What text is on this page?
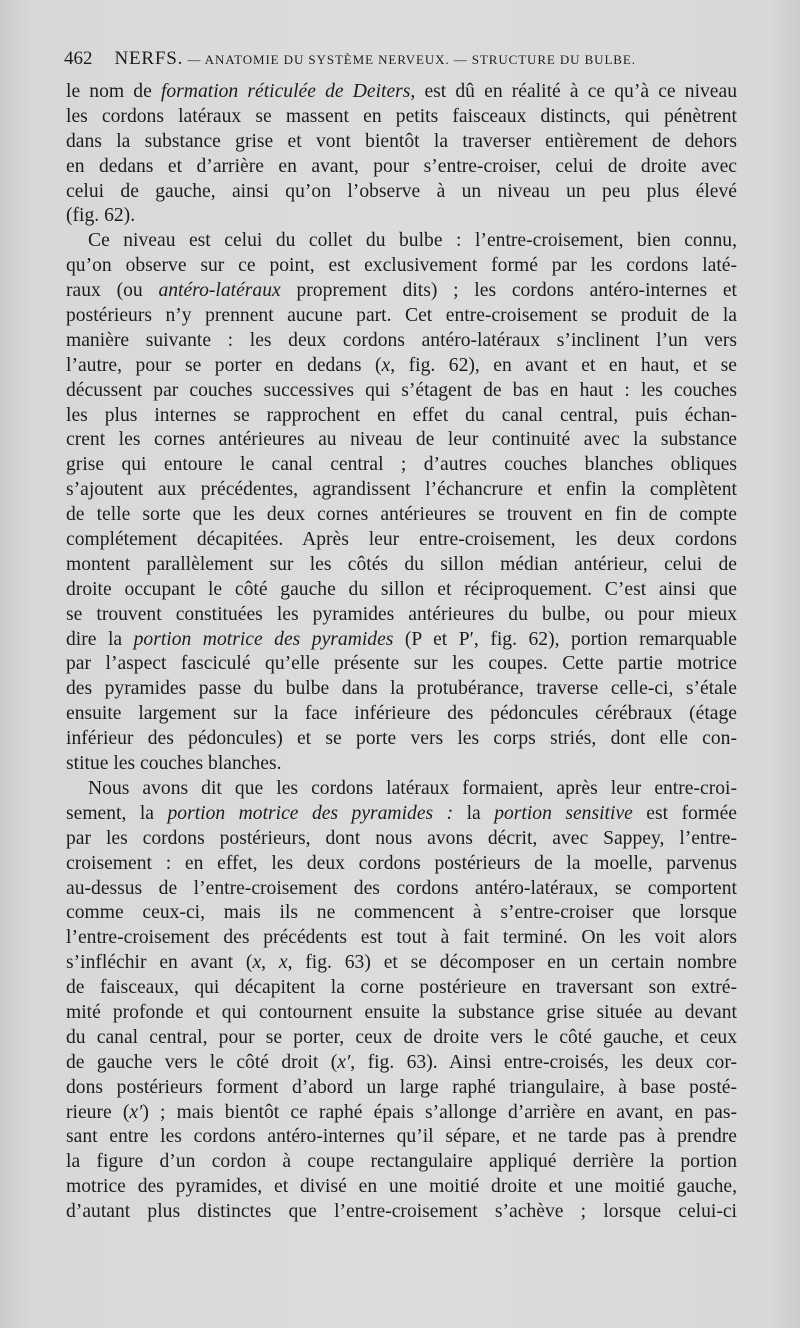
462 NERFS. — ANATOMIE DU SYSTÈME NERVEUX. — STRUCTURE DU BULBE.
le nom de formation réticulée de Deiters, est dû en réalité à ce qu’à ce niveau
les cordons latéraux se massent en petits faisceaux distincts, qui pénètrent
dans la substance grise et vont bientôt la traverser entièrement de dehors
en dedans et d’arrière en avant, pour s’entre-croiser, celui de droite avec
celui de gauche, ainsi qu’on l’observe à un niveau un peu plus élevé
(fig. 62).
Ce niveau est celui du collet du bulbe : l’entre-croisement, bien connu,
qu’on observe sur ce point, est exclusivement formé par les cordons laté-
raux (ou antéro-latéraux proprement dits) ; les cordons antéro-internes et
postérieurs n’y prennent aucune part. Cet entre-croisement se produit de la
manière suivante : les deux cordons antéro-latéraux s’inclinent l’un vers
l’autre, pour se porter en dedans (x, fig. 62), en avant et en haut, et se
décussent par couches successives qui s’étagent de bas en haut : les couches
les plus internes se rapprochent en effet du canal central, puis échan-
crent les cornes antérieures au niveau de leur continuité avec la substance
grise qui entoure le canal central ; d’autres couches blanches obliques
s’ajoutent aux précédentes, agrandissent l’échancrure et enfin la complètent
de telle sorte que les deux cornes antérieures se trouvent en fin de compte
complétement décapitées. Après leur entre-croisement, les deux cordons
montent parallèlement sur les côtés du sillon médian antérieur, celui de
droite occupant le côté gauche du sillon et réciproquement. C’est ainsi que
se trouvent constituées les pyramides antérieures du bulbe, ou pour mieux
dire la portion motrice des pyramides (P et P′, fig. 62), portion remarquable
par l’aspect fasciculé qu’elle présente sur les coupes. Cette partie motrice
des pyramides passe du bulbe dans la protubérance, traverse celle-ci, s’étale
ensuite largement sur la face inférieure des pédoncules cérébraux (étage
inférieur des pédoncules) et se porte vers les corps striés, dont elle con-
stitue les couches blanches.
Nous avons dit que les cordons latéraux formaient, après leur entre-croi-
sement, la portion motrice des pyramides : la portion sensitive est formée
par les cordons postérieurs, dont nous avons décrit, avec Sappey, l’entre-
croisement : en effet, les deux cordons postérieurs de la moelle, parvenus
au-dessus de l’entre-croisement des cordons antéro-latéraux, se comportent
comme ceux-ci, mais ils ne commencent à s’entre-croiser que lorsque
l’entre-croisement des précédents est tout à fait terminé. On les voit alors
s’infléchir en avant (x, x, fig. 63) et se décomposer en un certain nombre
de faisceaux, qui décapitent la corne postérieure en traversant son extré-
mité profonde et qui contournent ensuite la substance grise située au devant
du canal central, pour se porter, ceux de droite vers le côté gauche, et ceux
de gauche vers le côté droit (x′, fig. 63). Ainsi entre-croisés, les deux cor-
dons postérieurs forment d’abord un large raphé triangulaire, à base posté-
rieure (x′) ; mais bientôt ce raphé épais s’allonge d’arrière en avant, en pas-
sant entre les cordons antéro-internes qu’il sépare, et ne tarde pas à prendre
la figure d’un cordon à coupe rectangulaire appliqué derrière la portion
motrice des pyramides, et divisé en une moitié droite et une moitié gauche,
d’autant plus distinctes que l’entre-croisement s’achève ; lorsque celui-ci
